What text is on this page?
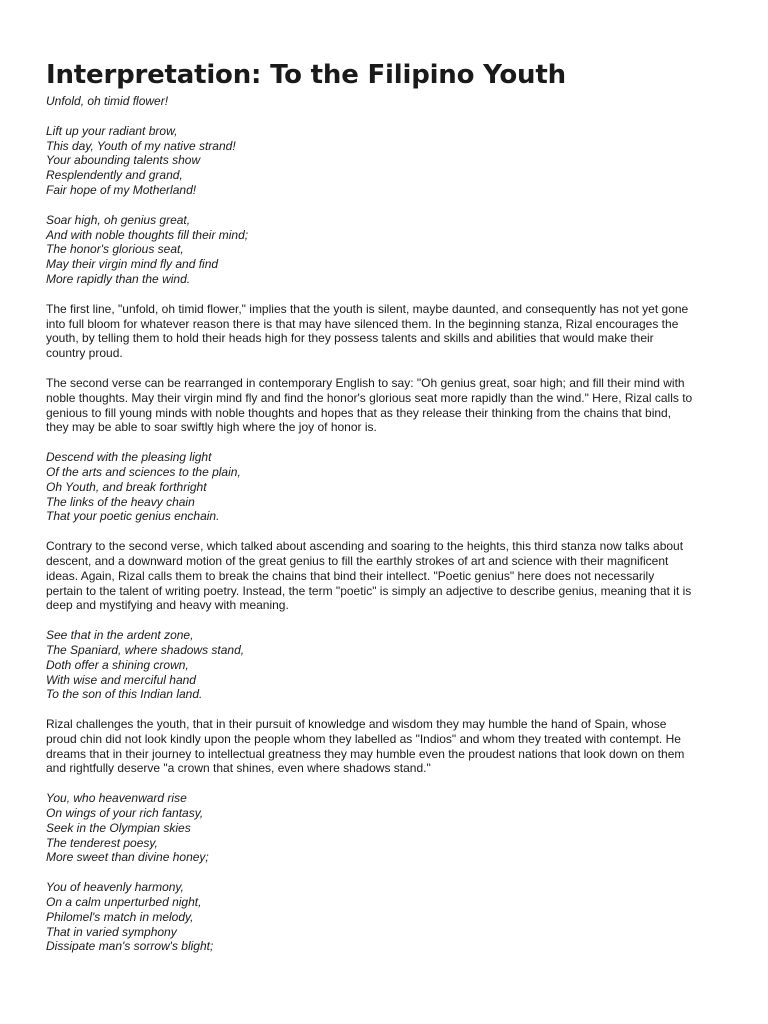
Interpretation: To the Filipino Youth
Unfold, oh timid flower!
Lift up your radiant brow,
This day, Youth of my native strand!
Your abounding talents show
Resplendently and grand,
Fair hope of my Motherland!
Soar high, oh genius great,
And with noble thoughts fill their mind;
The honor's glorious seat,
May their virgin mind fly and find
More rapidly than the wind.
The first line, "unfold, oh timid flower," implies that the youth is silent, maybe daunted, and consequently has not yet gone
into full bloom for whatever reason there is that may have silenced them. In the beginning stanza, Rizal encourages the
youth, by telling them to hold their heads high for they possess talents and skills and abilities that would make their
country proud.
The second verse can be rearranged in contemporary English to say: "Oh genius great, soar high; and fill their mind with
noble thoughts. May their virgin mind fly and find the honor's glorious seat more rapidly than the wind." Here, Rizal calls to
genious to fill young minds with noble thoughts and hopes that as they release their thinking from the chains that bind,
they may be able to soar swiftly high where the joy of honor is.
Descend with the pleasing light
Of the arts and sciences to the plain,
Oh Youth, and break forthright
The links of the heavy chain
That your poetic genius enchain.
Contrary to the second verse, which talked about ascending and soaring to the heights, this third stanza now talks about
descent, and a downward motion of the great genius to fill the earthly strokes of art and science with their magnificent
ideas. Again, Rizal calls them to break the chains that bind their intellect. "Poetic genius" here does not necessarily
pertain to the talent of writing poetry. Instead, the term "poetic" is simply an adjective to describe genius, meaning that it is
deep and mystifying and heavy with meaning.
See that in the ardent zone,
The Spaniard, where shadows stand,
Doth offer a shining crown,
With wise and merciful hand
To the son of this Indian land.
Rizal challenges the youth, that in their pursuit of knowledge and wisdom they may humble the hand of Spain, whose
proud chin did not look kindly upon the people whom they labelled as "Indios" and whom they treated with contempt. He
dreams that in their journey to intellectual greatness they may humble even the proudest nations that look down on them
and rightfully deserve "a crown that shines, even where shadows stand."
You, who heavenward rise
On wings of your rich fantasy,
Seek in the Olympian skies
The tenderest poesy,
More sweet than divine honey;
You of heavenly harmony,
On a calm unperturbed night,
Philomel's match in melody,
That in varied symphony
Dissipate man's sorrow's blight;
